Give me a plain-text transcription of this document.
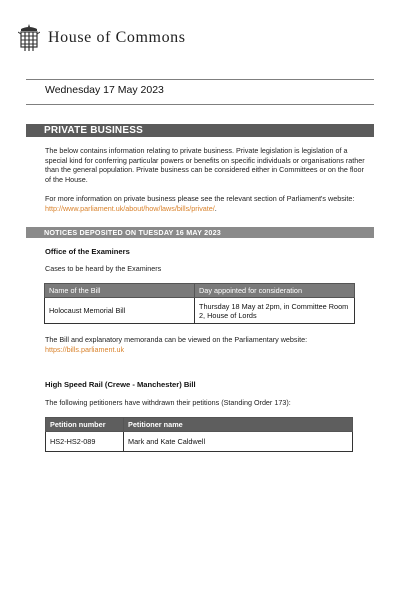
House of Commons
Wednesday 17 May 2023
PRIVATE BUSINESS
The below contains information relating to private business. Private legislation is legislation of a special kind for conferring particular powers or benefits on specific individuals or organisations rather than the general population. Private business can be considered either in Committees or on the floor of the House.
For more information on private business please see the relevant section of Parliament's website: http://www.parliament.uk/about/how/laws/bills/private/.
NOTICES DEPOSITED ON TUESDAY 16 MAY 2023
Office of the Examiners
Cases to be heard by the Examiners
Name of the Bill	Day appointed for consideration
Holocaust Memorial Bill	Thursday 18 May at 2pm, in Committee Room 2, House of Lords
The Bill and explanatory memoranda can be viewed on the Parliamentary website:
https://bills.parliament.uk
High Speed Rail (Crewe - Manchester) Bill
The following petitioners have withdrawn their petitions (Standing Order 173):
Petition number	Petitioner name
HS2-HS2-089	Mark and Kate Caldwell
